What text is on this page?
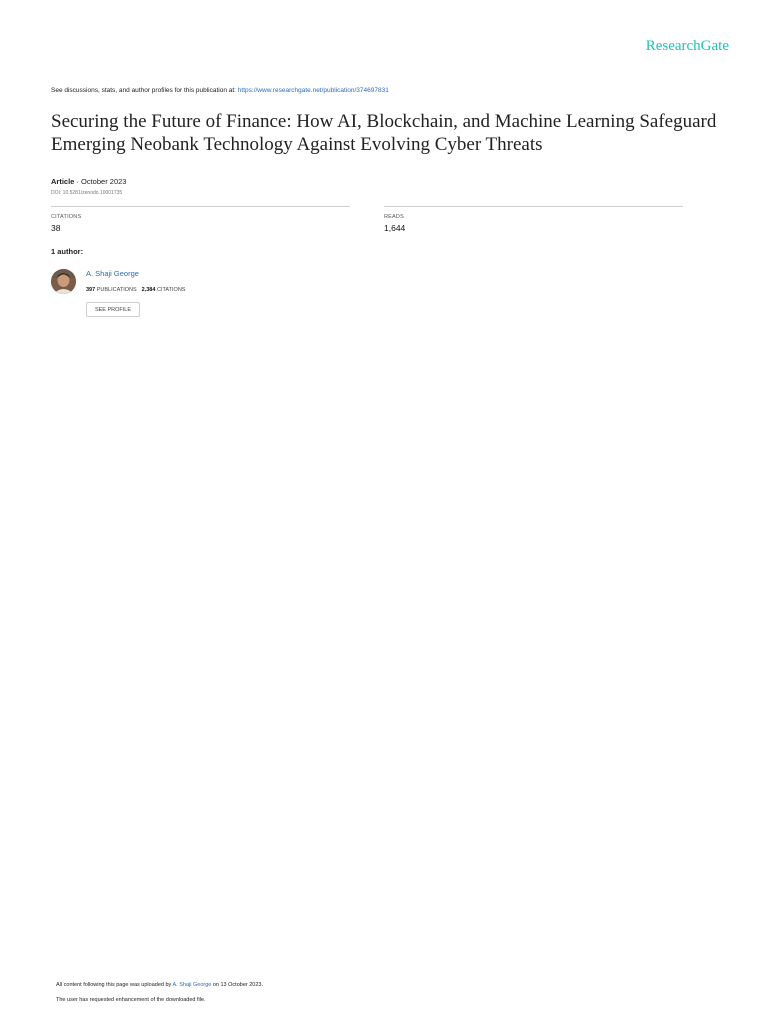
ResearchGate
See discussions, stats, and author profiles for this publication at: https://www.researchgate.net/publication/374697831
Securing the Future of Finance: How AI, Blockchain, and Machine Learning Safeguard Emerging Neobank Technology Against Evolving Cyber Threats
Article · October 2023
DOI: 10.5281/zenodo.10001735
CITATIONS
38
READS
1,644
1 author:
A. Shaji George
397 PUBLICATIONS 2,384 CITATIONS
SEE PROFILE
All content following this page was uploaded by A. Shaji George on 13 October 2023.
The user has requested enhancement of the downloaded file.
